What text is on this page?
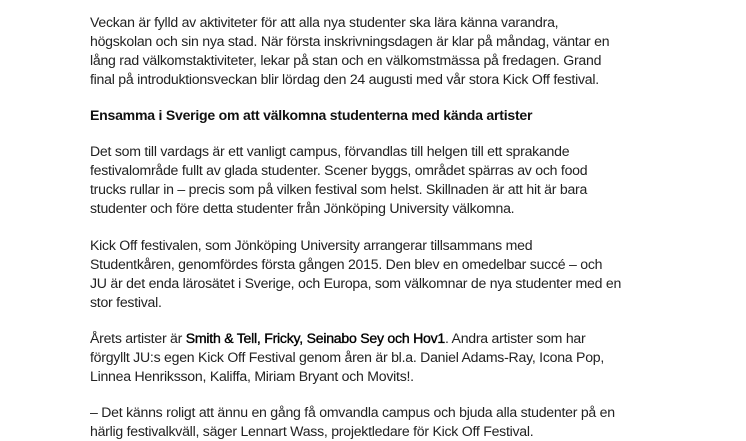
Veckan är fylld av aktiviteter för att alla nya studenter ska lära känna varandra,
högskolan och sin nya stad. När första inskrivningsdagen är klar på måndag, väntar en
lång rad välkomstaktiviteter, lekar på stan och en välkomstmässa på fredagen. Grand
final på introduktionsveckan blir lördag den 24 augusti med vår stora Kick Off festival.

Ensamma i Sverige om att välkomna studenterna med kända artister

Det som till vardags är ett vanligt campus, förvandlas till helgen till ett sprakande
festivalområde fullt av glada studenter. Scener byggs, området spärras av och food
trucks rullar in – precis som på vilken festival som helst. Skillnaden är att hit är bara
studenter och före detta studenter från Jönköping University välkomna.

Kick Off festivalen, som Jönköping University arrangerar tillsammans med
Studentkåren, genomfördes första gången 2015. Den blev en omedelbar succé – och
JU är det enda lärosätet i Sverige, och Europa, som välkomnar de nya studenter med en
stor festival.

Årets artister är Smith & Tell, Fricky, Seinabo Sey och Hov1. Andra artister som har
förgyllt JU:s egen Kick Off Festival genom åren är bl.a. Daniel Adams-Ray, Icona Pop,
Linnea Henriksson, Kaliffa, Miriam Bryant och Movits!.

– Det känns roligt att ännu en gång få omvandla campus och bjuda alla studenter på en
härlig festivalkväll, säger Lennart Wass, projektledare för Kick Off Festival.
